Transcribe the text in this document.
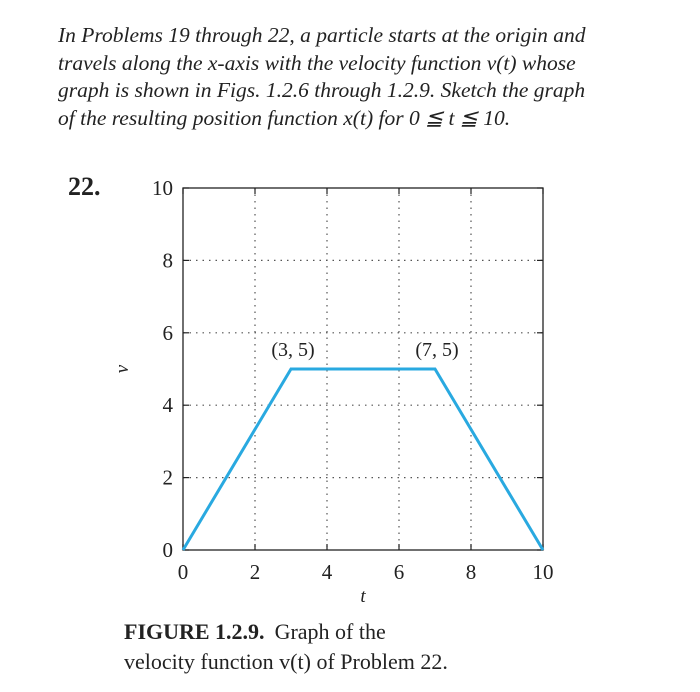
In Problems 19 through 22, a particle starts at the origin and
travels along the x-axis with the velocity function v(t) whose
graph is shown in Figs. 1.2.6 through 1.2.9. Sketch the graph
of the resulting position function x(t) for 0 ≦ t ≦ 10.
22.
0	2	4	6	8	10
0
2
4
6
8
10
t
v
(3, 5)	(7, 5)
FIGURE 1.2.9. Graph of the
velocity function v(t) of Problem 22.
